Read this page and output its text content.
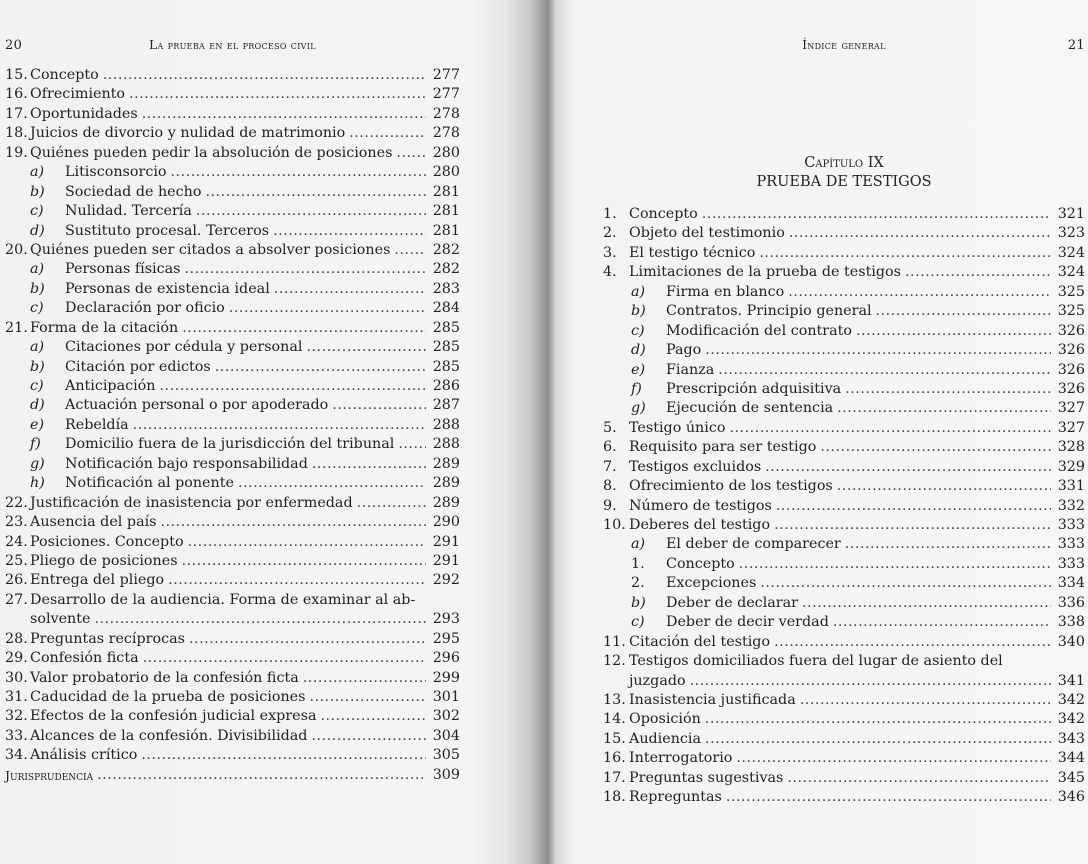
20	La prueba en el proceso civil
15. Concepto .....	277
16. Ofrecimiento .....	277
17. Oportunidades .....	278
18. Juicios de divorcio y nulidad de matrimonio .....	278
19. Quiénes pueden pedir la absolución de posiciones .....	280
a)	Litisconsorcio .....	280
b)	Sociedad de hecho .....	281
c)	Nulidad. Tercería .....	281
d)	Sustituto procesal. Terceros .....	281
20. Quiénes pueden ser citados a absolver posiciones .....	282
a)	Personas físicas .....	282
b)	Personas de existencia ideal .....	283
c)	Declaración por oficio .....	284
21. Forma de la citación .....	285
a)	Citaciones por cédula y personal .....	285
b)	Citación por edictos .....	285
c)	Anticipación .....	286
d)	Actuación personal o por apoderado .....	287
e)	Rebeldía .....	288
f)	Domicilio fuera de la jurisdicción del tribunal .....	288
g)	Notificación bajo responsabilidad .....	289
h)	Notificación al ponente .....	289
22. Justificación de inasistencia por enfermedad .....	289
23. Ausencia del país .....	290
24. Posiciones. Concepto .....	291
25. Pliego de posiciones .....	291
26. Entrega del pliego .....	292
27. Desarrollo de la audiencia. Forma de examinar al ab-
solvente .....	293
28. Preguntas recíprocas .....	295
29. Confesión ficta .....	296
30. Valor probatorio de la confesión ficta .....	299
31. Caducidad de la prueba de posiciones .....	301
32. Efectos de la confesión judicial expresa .....	302
33. Alcances de la confesión. Divisibilidad .....	304
34. Análisis crítico .....	305
Jurisprudencia .....	309
Índice general	21
Capítulo IX
PRUEBA DE TESTIGOS
1. Concepto .....	321
2. Objeto del testimonio .....	323
3. El testigo técnico .....	324
4. Limitaciones de la prueba de testigos .....	324
a)	Firma en blanco .....	325
b)	Contratos. Principio general .....	325
c)	Modificación del contrato .....	326
d)	Pago .....	326
e)	Fianza .....	326
f)	Prescripción adquisitiva .....	326
g)	Ejecución de sentencia .....	327
5. Testigo único .....	327
6. Requisito para ser testigo .....	328
7. Testigos excluidos .....	329
8. Ofrecimiento de los testigos .....	331
9. Número de testigos .....	332
10. Deberes del testigo .....	333
a)	El deber de comparecer .....	333
1.	Concepto .....	333
2.	Excepciones .....	334
b)	Deber de declarar .....	336
c)	Deber de decir verdad .....	338
11. Citación del testigo .....	340
12. Testigos domiciliados fuera del lugar de asiento del
juzgado .....	341
13. Inasistencia justificada .....	342
14. Oposición .....	342
15. Audiencia .....	343
16. Interrogatorio .....	344
17. Preguntas sugestivas .....	345
18. Repreguntas .....	346
